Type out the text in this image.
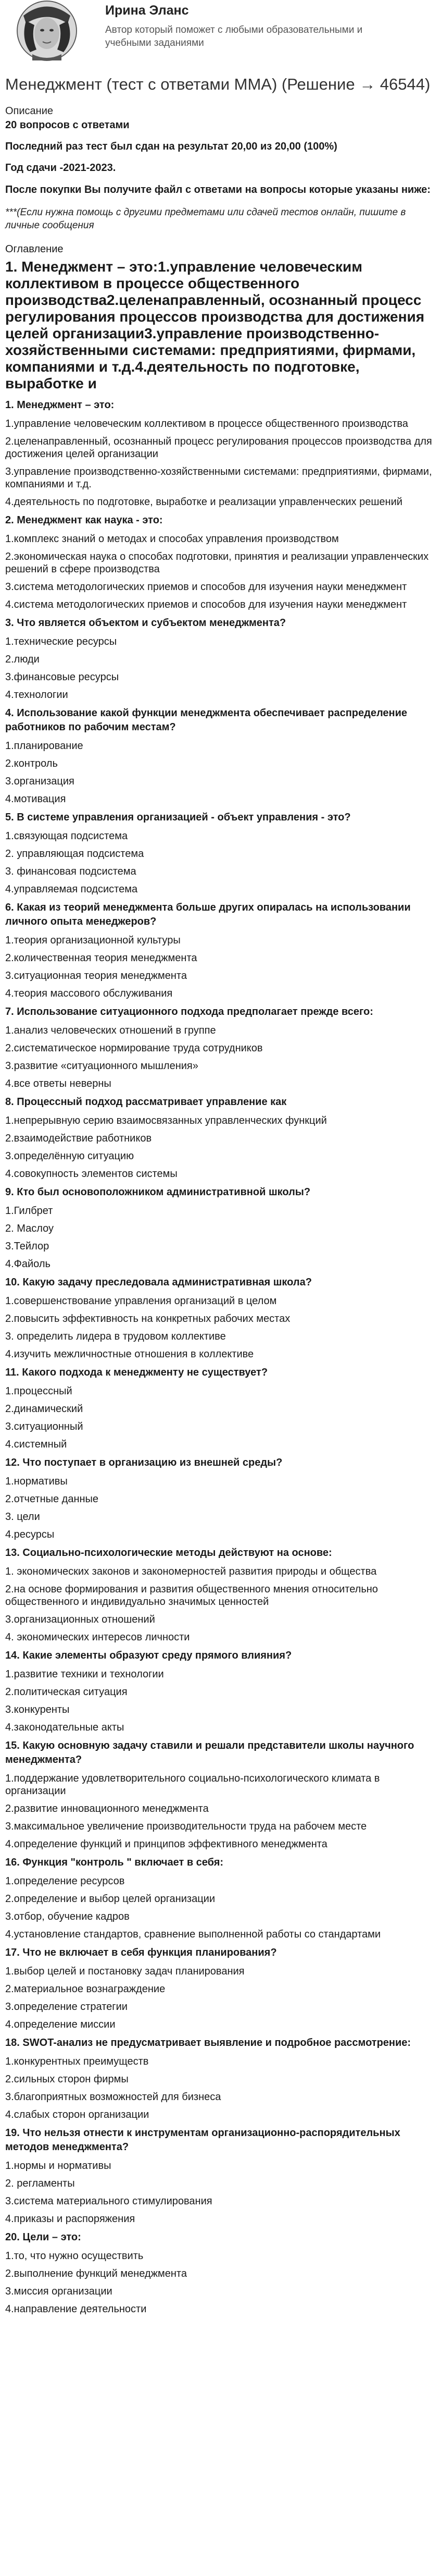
Ирина Эланс
Автор который поможет с любыми образовательными и учебными заданиями
Менеджмент (тест с ответами ММА) (Решение → 46544)
Описание
20 вопросов с ответами
Последний раз тест был сдан на результат 20,00 из 20,00 (100%)
Год сдачи -2021-2023.
После покупки Вы получите файл с ответами на вопросы которые указаны ниже:
***(Если нужна помощь с другими предметами или сдачей тестов онлайн, пишите в личные сообщения
Оглавление
1. Менеджмент – это:1.управление человеческим коллективом в процессе общественного производства2.целенаправленный, осознанный процесс регулирования процессов производства для достижения целей организации3.управление производственно-хозяйственными системами: предприятиями, фирмами, компаниями и т.д.4.деятельность по подготовке, выработке и
1. Менеджмент – это:
1.управление человеческим коллективом в процессе общественного производства
2.целенаправленный, осознанный процесс регулирования процессов производства для достижения целей организации
3.управление производственно-хозяйственными системами: предприятиями, фирмами, компаниями и т.д.
4.деятельность по подготовке, выработке и реализации управленческих решений
2. Менеджмент как наука - это:
1.комплекс знаний о методах и способах управления производством
2.экономическая наука о способах подготовки, принятия и реализации управленческих решений в сфере производства
3.система методологических приемов и способов для изучения науки менеджмент
4.система методологических приемов и способов для изучения науки менеджмент
3. Что является объектом и субъектом менеджмента?
1.технические ресурсы
2.люди
3.финансовые ресурсы
4.технологии
4. Использование какой функции менеджмента обеспечивает распределение работников по рабочим местам?
1.планирование
2.контроль
3.организация
4.мотивация
5. В системе управления организацией - объект управления - это?
1.связующая подсистема
2. управляющая подсистема
3. финансовая подсистема
4.управляемая подсистема
6. Какая из теорий менеджмента больше других опиралась на использовании личного опыта менеджеров?
1.теория организационной культуры
2.количественная теория менеджмента
3.ситуационная теория менеджмента
4.теория массового обслуживания
7. Использование ситуационного подхода предполагает прежде всего:
1.анализ человеческих отношений в группе
2.систематическое нормирование труда сотрудников
3.развитие «ситуационного мышления»
4.все ответы неверны
8. Процессный подход рассматривает управление как
1.непрерывную серию взаимосвязанных управленческих функций
2.взаимодействие работников
3.определённую ситуацию
4.совокупность элементов системы
9. Кто был основоположником административной школы?
1.Гилбрет
2. Маслоу
3.Тейлор
4.Файоль
10. Какую задачу преследовала административная школа?
1.совершенствование управления организаций в целом
2.повысить эффективность на конкретных рабочих местах
3. определить лидера в трудовом коллективе
4.изучить межличностные отношения в коллективе
11. Какого подхода к менеджменту не существует?
1.процессный
2.динамический
3.ситуационный
4.системный
12. Что поступает в организацию из внешней среды?
1.нормативы
2.отчетные данные
3. цели
4.ресурсы
13. Социально-психологические методы действуют на основе:
1. экономических законов и закономерностей развития природы и общества
2.на основе формирования и развития общественного мнения относительно общественного и индивидуально значимых ценностей
3.организационных отношений
4. экономических интересов личности
14. Какие элементы образуют среду прямого влияния?
1.развитие техники и технологии
2.политическая ситуация
3.конкуренты
4.законодательные акты
15. Какую основную задачу ставили и решали представители школы научного менеджмента?
1.поддержание удовлетворительного социально-психологического климата в организации
2.развитие инновационного менеджмента
3.максимальное увеличение производительности труда на рабочем месте
4.определение функций и принципов эффективного менеджмента
16. Функция "контроль " включает в себя:
1.определение ресурсов
2.определение и выбор целей организации
3.отбор, обучение кадров
4.установление стандартов, сравнение выполненной работы со стандартами
17. Что не включает в себя функция планирования?
1.выбор целей и постановку задач планирования
2.материальное вознаграждение
3.определение стратегии
4.определение миссии
18. SWOT-анализ не предусматривает выявление и подробное рассмотрение:
1.конкурентных преимуществ
2.сильных сторон фирмы
3.благоприятных возможностей для бизнеса
4.слабых сторон организации
19. Что нельзя отнести к инструментам организационно-распорядительных методов менеджмента?
1.нормы и нормативы
2. регламенты
3.система материального стимулирования
4.приказы и распоряжения
20. Цели – это:
1.то, что нужно осуществить
2.выполнение функций менеджмента
3.миссия организации
4.направление деятельности
